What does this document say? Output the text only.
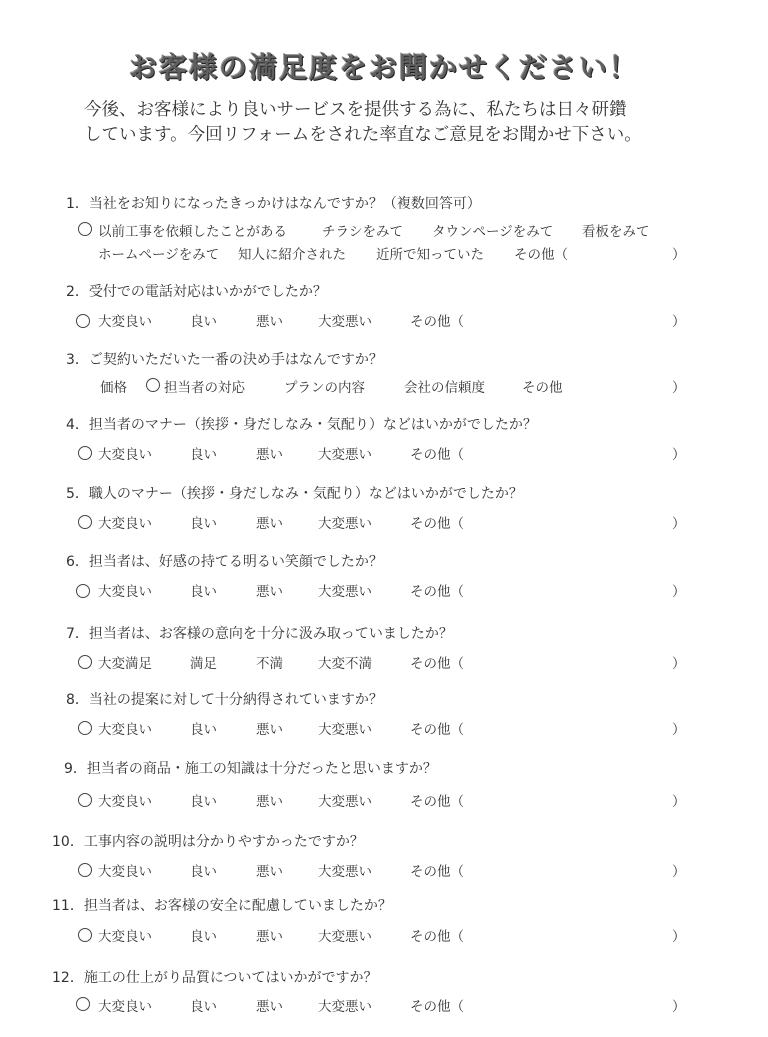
お客様の満足度をお聞かせください！
今後、お客様により良いサービスを提供する為に、私たちは日々研鑽
しています。今回リフォームをされた率直なご意見をお聞かせ下さい。
1．当社をお知りになったきっかけはなんですか？（複数回答可）
以前工事を依頼したことがある	チラシをみて タウンページをみて 看板をみて
ホームページをみて 知人に紹介された 近所で知っていた その他（	）
2．受付での電話対応はいかがでしたか？
大変良い	良い	悪い	大変悪い	その他（	）
3．ご契約いただいた一番の決め手はなんですか？
価格 ○ 担当者の対応	プランの内容	会社の信頼度	その他	）
4．担当者のマナー（挨拶・身だしなみ・気配り）などはいかがでしたか？
大変良い	良い	悪い	大変悪い	その他（	）
5．職人のマナー（挨拶・身だしなみ・気配り）などはいかがでしたか？
大変良い	良い	悪い	大変悪い	その他（	）
6．担当者は、好感の持てる明るい笑顔でしたか？
大変良い	良い	悪い	大変悪い	その他（	）
7．担当者は、お客様の意向を十分に汲み取っていましたか？
大変満足	満足	不満	大変不満	その他（	）
8．当社の提案に対して十分納得されていますか？
大変良い	良い	悪い	大変悪い	その他（	）
9．担当者の商品・施工の知識は十分だったと思いますか？
大変良い	良い	悪い	大変悪い	その他（	）
10．工事内容の説明は分かりやすかったですか？
大変良い	良い	悪い	大変悪い	その他（	）
11．担当者は、お客様の安全に配慮していましたか？
大変良い	良い	悪い	大変悪い	その他（	）
12．施工の仕上がり品質についてはいかがですか？
大変良い	良い	悪い	大変悪い	その他（	）
